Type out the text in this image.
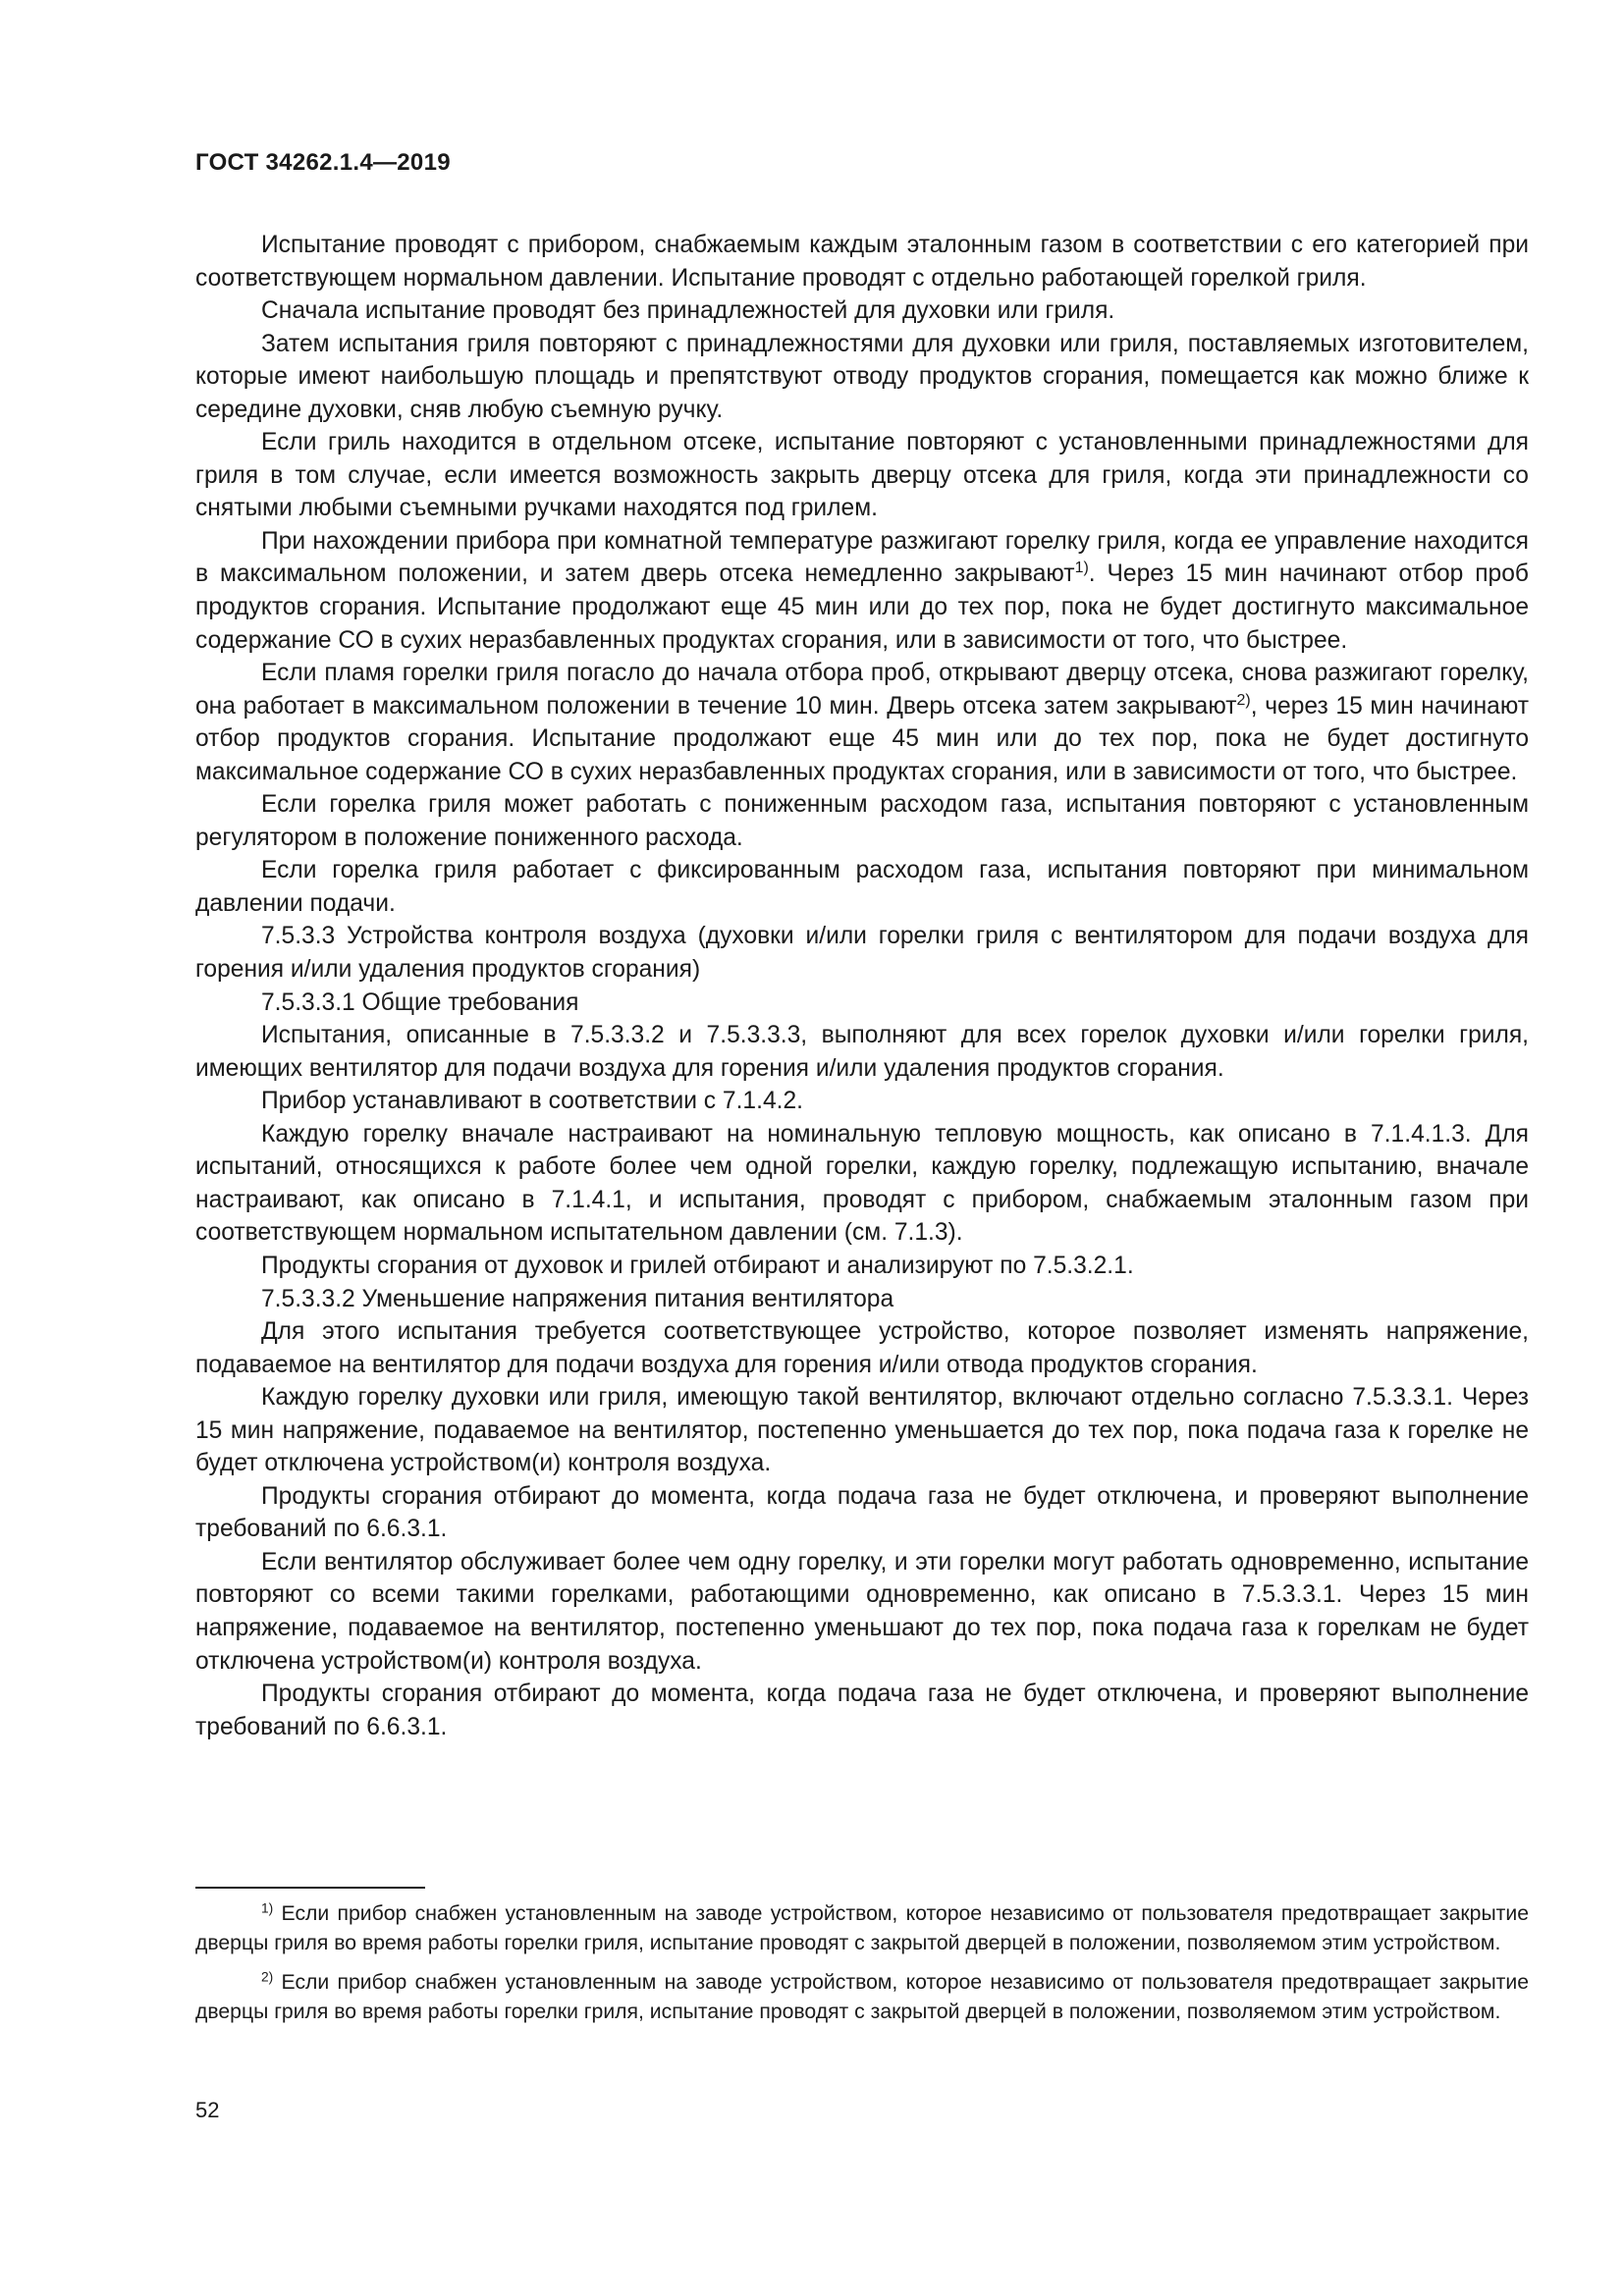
ГОСТ 34262.1.4—2019

Испытание проводят с прибором, снабжаемым каждым эталонным газом в соответствии с его категорией при соответствующем нормальном давлении. Испытание проводят с отдельно работающей горелкой гриля.

Сначала испытание проводят без принадлежностей для духовки или гриля.

Затем испытания гриля повторяют с принадлежностями для духовки или гриля, поставляемых изготовителем, которые имеют наибольшую площадь и препятствуют отводу продуктов сгорания, помещается как можно ближе к середине духовки, сняв любую съемную ручку.

Если гриль находится в отдельном отсеке, испытание повторяют с установленными принадлежностями для гриля в том случае, если имеется возможность закрыть дверцу отсека для гриля, когда эти принадлежности со снятыми любыми съемными ручками находятся под грилем.

При нахождении прибора при комнатной температуре разжигают горелку гриля, когда ее управление находится в максимальном положении, и затем дверь отсека немедленно закрывают$^{1)}$. Через 15 мин начинают отбор проб продуктов сгорания. Испытание продолжают еще 45 мин или до тех пор, пока не будет достигнуто максимальное содержание СО в сухих неразбавленных продуктах сгорания, или в зависимости от того, что быстрее.

Если пламя горелки гриля погасло до начала отбора проб, открывают дверцу отсека, снова разжигают горелку, она работает в максимальном положении в течение 10 мин. Дверь отсека затем закрывают$^{2)}$, через 15 мин начинают отбор продуктов сгорания. Испытание продолжают еще 45 мин или до тех пор, пока не будет достигнуто максимальное содержание СО в сухих неразбавленных продуктах сгорания, или в зависимости от того, что быстрее.

Если горелка гриля может работать с пониженным расходом газа, испытания повторяют с установленным регулятором в положение пониженного расхода.

Если горелка гриля работает с фиксированным расходом газа, испытания повторяют при минимальном давлении подачи.

7.5.3.3 Устройства контроля воздуха (духовки и/или горелки гриля с вентилятором для подачи воздуха для горения и/или удаления продуктов сгорания)

7.5.3.3.1 Общие требования

Испытания, описанные в 7.5.3.3.2 и 7.5.3.3.3, выполняют для всех горелок духовки и/или горелки гриля, имеющих вентилятор для подачи воздуха для горения и/или удаления продуктов сгорания.

Прибор устанавливают в соответствии с 7.1.4.2.

Каждую горелку вначале настраивают на номинальную тепловую мощность, как описано в 7.1.4.1.3. Для испытаний, относящихся к работе более чем одной горелки, каждую горелку, подлежащую испытанию, вначале настраивают, как описано в 7.1.4.1, и испытания, проводят с прибором, снабжаемым эталонным газом при соответствующем нормальном испытательном давлении (см. 7.1.3).

Продукты сгорания от духовок и грилей отбирают и анализируют по 7.5.3.2.1.

7.5.3.3.2 Уменьшение напряжения питания вентилятора

Для этого испытания требуется соответствующее устройство, которое позволяет изменять напряжение, подаваемое на вентилятор для подачи воздуха для горения и/или отвода продуктов сгорания.

Каждую горелку духовки или гриля, имеющую такой вентилятор, включают отдельно согласно 7.5.3.3.1. Через 15 мин напряжение, подаваемое на вентилятор, постепенно уменьшается до тех пор, пока подача газа к горелке не будет отключена устройством(и) контроля воздуха.

Продукты сгорания отбирают до момента, когда подача газа не будет отключена, и проверяют выполнение требований по 6.6.3.1.

Если вентилятор обслуживает более чем одну горелку, и эти горелки могут работать одновременно, испытание повторяют со всеми такими горелками, работающими одновременно, как описано в 7.5.3.3.1. Через 15 мин напряжение, подаваемое на вентилятор, постепенно уменьшают до тех пор, пока подача газа к горелкам не будет отключена устройством(и) контроля воздуха.

Продукты сгорания отбирают до момента, когда подача газа не будет отключена, и проверяют выполнение требований по 6.6.3.1.

$^{1)}$ Если прибор снабжен установленным на заводе устройством, которое независимо от пользователя предотвращает закрытие дверцы гриля во время работы горелки гриля, испытание проводят с закрытой дверцей в положении, позволяемом этим устройством.

$^{2)}$ Если прибор снабжен установленным на заводе устройством, которое независимо от пользователя предотвращает закрытие дверцы гриля во время работы горелки гриля, испытание проводят с закрытой дверцей в положении, позволяемом этим устройством.

52
